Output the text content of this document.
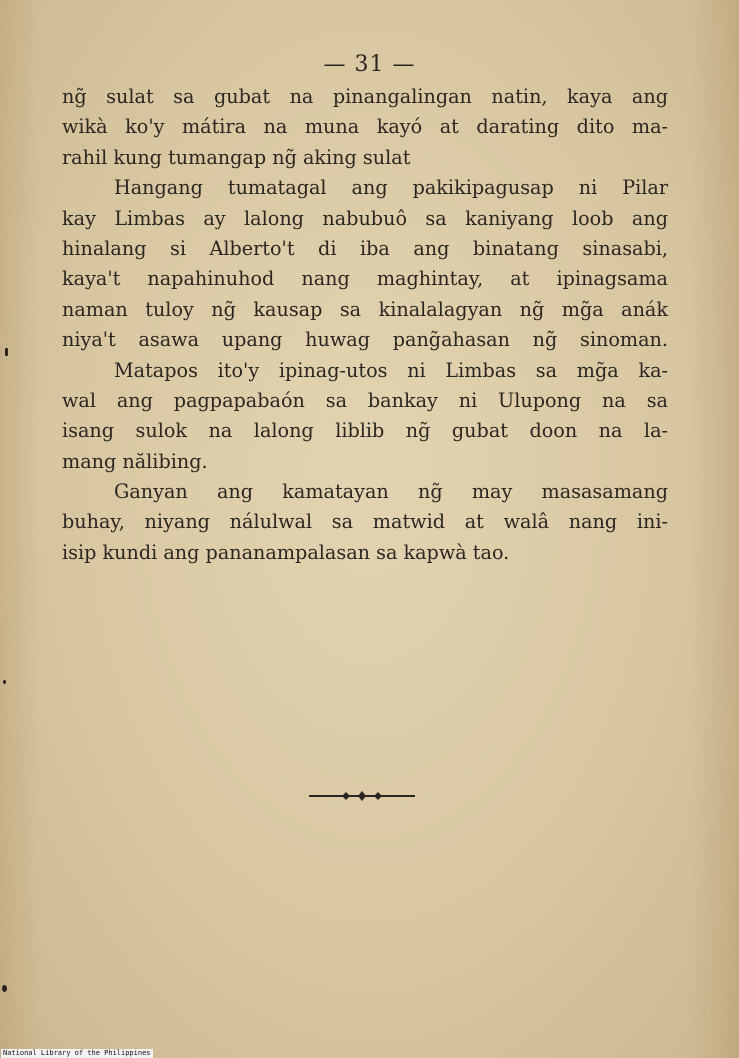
— 31 —
ng̃ sulat sa gubat na pinangalingan natin, kaya ang
wikà ko'y mátira na muna kayó at darating dito ma-
rahil kung tumangap ng̃ aking sulat
Hangang tumatagal ang pakikipagusap ni Pilar
kay Limbas ay lalong nabubuô sa kaniyang loob ang
hinalang si Alberto't di iba ang binatang sinasabi,
kaya't napahinuhod nang maghintay, at ipinagsama
naman tuloy ng̃ kausap sa kinalalagyan ng̃ mg̃a anák
niya't asawa upang huwag pang̃ahasan ng̃ sinoman.
Matapos ito'y ipinag-utos ni Limbas sa mg̃a ka-
wal ang pagpapabaón sa bankay ni Ulupong na sa
isang sulok na lalong liblib ng̃ gubat doon na la-
mang nălibing.
Ganyan ang kamatayan ng̃ may masasamang
buhay, niyang nálulwal sa matwid at walâ nang ini-
isip kundi ang pananampalasan sa kapwà tao.
National Library of the Philippines
